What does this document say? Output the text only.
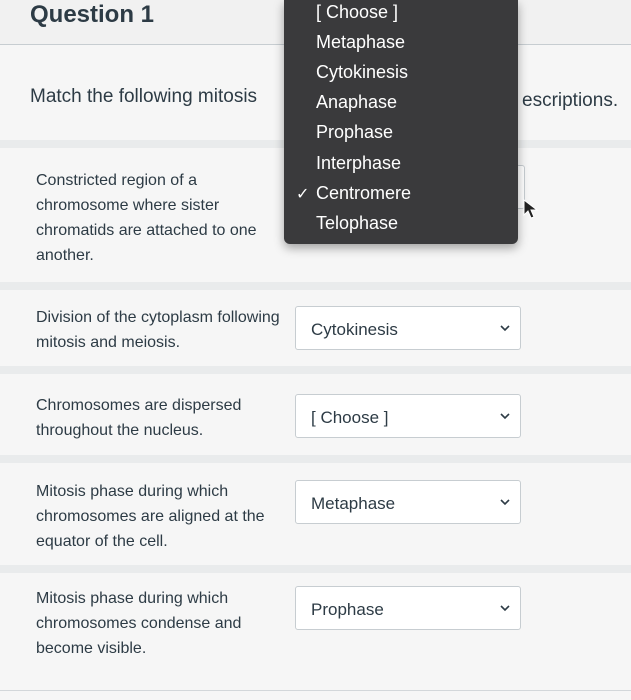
Question 1
Match the following mitosis	escriptions.
Constricted region of a chromosome where sister chromatids are attached to one another.
Division of the cytoplasm following mitosis and meiosis.
Cytokinesis
Chromosomes are dispersed throughout the nucleus.
[ Choose ]
Mitosis phase during which chromosomes are aligned at the equator of the cell.
Metaphase
Mitosis phase during which chromosomes condense and become visible.
Prophase
[ Choose ]
Metaphase
Cytokinesis
Anaphase
Prophase
Interphase
✓ Centromere
Telophase
